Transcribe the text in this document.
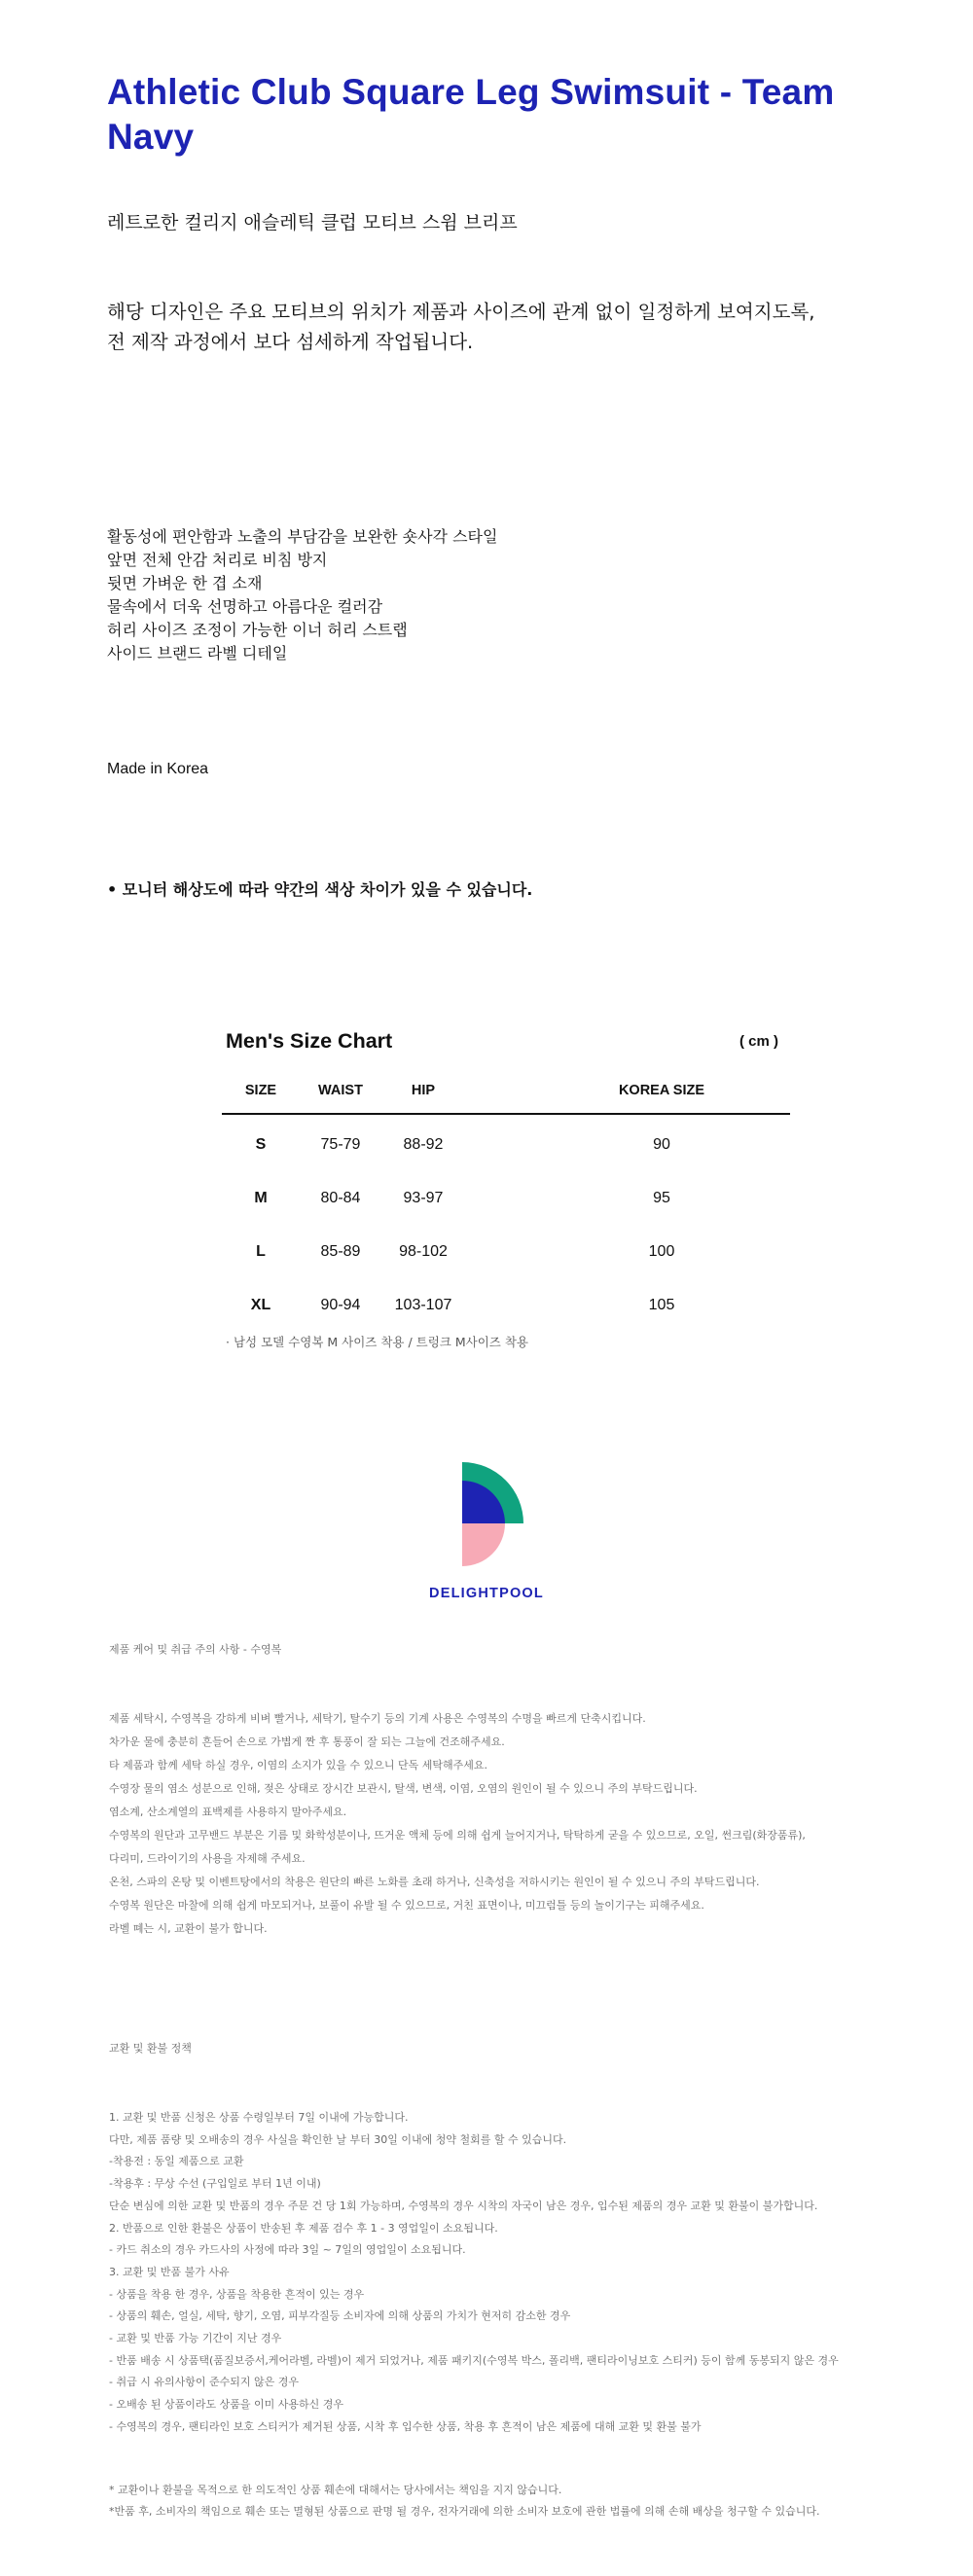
Athletic Club Square Leg Swimsuit - Team Navy
레트로한 컬리지 애슬레틱 클럽 모티브 스윔 브리프
해당 디자인은 주요 모티브의 위치가 제품과 사이즈에 관계 없이 일정하게 보여지도록,
전 제작 과정에서 보다 섬세하게 작업됩니다.
활동성에 편안함과 노출의 부담감을 보완한 숏사각 스타일
앞면 전체 안감 처리로 비침 방지
뒷면 가벼운 한 겹 소재
물속에서 더욱 선명하고 아름다운 컬러감
허리 사이즈 조정이 가능한 이너 허리 스트랩
사이드 브랜드 라벨 디테일
Made in Korea
• 모니터 해상도에 따라 약간의 색상 차이가 있을 수 있습니다.
Men's Size Chart	( cm )
SIZE	WAIST	HIP	KOREA SIZE
S	75-79	88-92	90
M	80-84	93-97	95
L	85-89	98-102	100
XL	90-94	103-107	105
· 남성 모델 수영복 M 사이즈 착용 / 트렁크 M사이즈 착용
DELIGHTPOOL
제품 케어 및 취급 주의 사항 - 수영복
제품 세탁시, 수영복을 강하게 비벼 빨거나, 세탁기, 탈수기 등의 기계 사용은 수영복의 수명을 빠르게 단축시킵니다.
차가운 물에 충분히 흔들어 손으로 가볍게 짠 후 통풍이 잘 되는 그늘에 건조해주세요.
타 제품과 함께 세탁 하실 경우, 이염의 소지가 있을 수 있으니 단독 세탁해주세요.
수영장 물의 염소 성분으로 인해, 젖은 상태로 장시간 보관시, 탈색, 변색, 이염, 오염의 원인이 될 수 있으니 주의 부탁드립니다.
염소계, 산소계열의 표백제를 사용하지 말아주세요.
수영복의 원단과 고무밴드 부분은 기름 및 화학성분이나, 뜨거운 액체 등에 의해 쉽게 늘어지거나, 탁탁하게 굳을 수 있으므로, 오일, 썬크림(화장품류),
다리미, 드라이기의 사용을 자제해 주세요.
온천, 스파의 온탕 및 이벤트탕에서의 착용은 원단의 빠른 노화를 초래 하거나, 신축성을 저하시키는 원인이 될 수 있으니 주의 부탁드립니다.
수영복 원단은 마찰에 의해 쉽게 마모되거나, 보풀이 유발 될 수 있으므로, 거친 표면이나, 미끄럼틀 등의 놀이기구는 피해주세요.
라벨 뗴는 시, 교환이 불가 합니다.
교환 및 환불 정책
1. 교환 및 반품 신청은 상품 수령일부터 7일 이내에 가능합니다.
다만, 제품 품량 및 오배송의 경우 사실을 확인한 날 부터 30일 이내에 청약 철회를 할 수 있습니다.
-착용전 : 동일 제품으로 교환
-착용후 : 무상 수선 (구입일로 부터 1년 이내)
단순 변심에 의한 교환 및 반품의 경우 주문 건 당 1회 가능하며, 수영복의 경우 시착의 자국이 남은 경우, 입수된 제품의 경우 교환 및 환불이 불가합니다.
2. 반품으로 인한 환불은 상품이 반송된 후 제품 검수 후 1 - 3 영업일이 소요됩니다.
- 카드 취소의 경우 카드사의 사정에 따라 3일 ~ 7일의 영업일이 소요됩니다.
3. 교환 및 반품 불가 사유
- 상품을 착용 한 경우, 상품을 착용한 흔적이 있는 경우
- 상품의 훼손, 얼실, 세탁, 향기, 오염, 피부각질등 소비자에 의해 상품의 가치가 현저히 감소한 경우
- 교환 및 반품 가능 기간이 지난 경우
- 반품 배송 시 상품택(품질보증서,케어라벨, 라벨)이 제거 되었거나, 제품 패키지(수영복 박스, 폴리백, 팬티라이닝보호 스티커) 등이 함께 동봉되지 않은 경우
- 취급 시 유의사항이 준수되지 않은 경우
- 오배송 된 상품이라도 상품을 이미 사용하신 경우
- 수영복의 경우, 팬티라인 보호 스티커가 제거된 상품, 시착 후 입수한 상품, 착용 후 흔적이 남은 제품에 대해 교환 및 환불 불가
* 교환이나 환불을 목적으로 한 의도적인 상품 훼손에 대해서는 당사에서는 책임을 지지 않습니다.
*반품 후, 소비자의 책임으로 훼손 또는 멸형된 상품으로 판명 될 경우, 전자거래에 의한 소비자 보호에 관한 법률에 의해 손해 배상을 청구할 수 있습니다.
